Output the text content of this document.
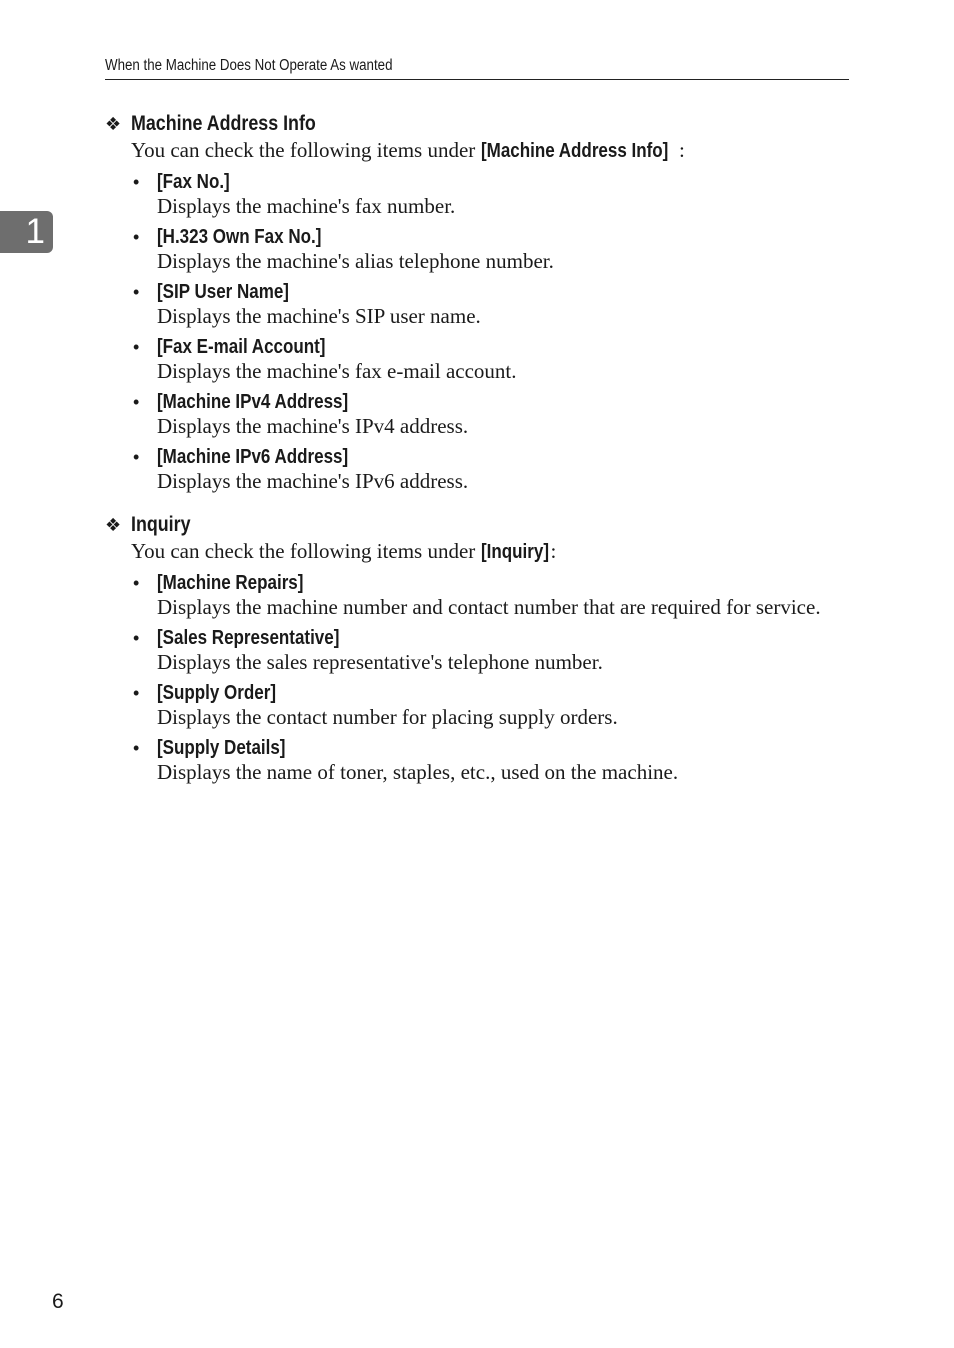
When the Machine Does Not Operate As wanted
1
❖ Machine Address Info
You can check the following items under [Machine Address Info] :
• [Fax No.]
Displays the machine's fax number.
• [H.323 Own Fax No.]
Displays the machine's alias telephone number.
• [SIP User Name]
Displays the machine's SIP user name.
• [Fax E-mail Account]
Displays the machine's fax e-mail account.
• [Machine IPv4 Address]
Displays the machine's IPv4 address.
• [Machine IPv6 Address]
Displays the machine's IPv6 address.
❖ Inquiry
You can check the following items under [Inquiry]:
• [Machine Repairs]
Displays the machine number and contact number that are required for service.
• [Sales Representative]
Displays the sales representative's telephone number.
• [Supply Order]
Displays the contact number for placing supply orders.
• [Supply Details]
Displays the name of toner, staples, etc., used on the machine.
6
